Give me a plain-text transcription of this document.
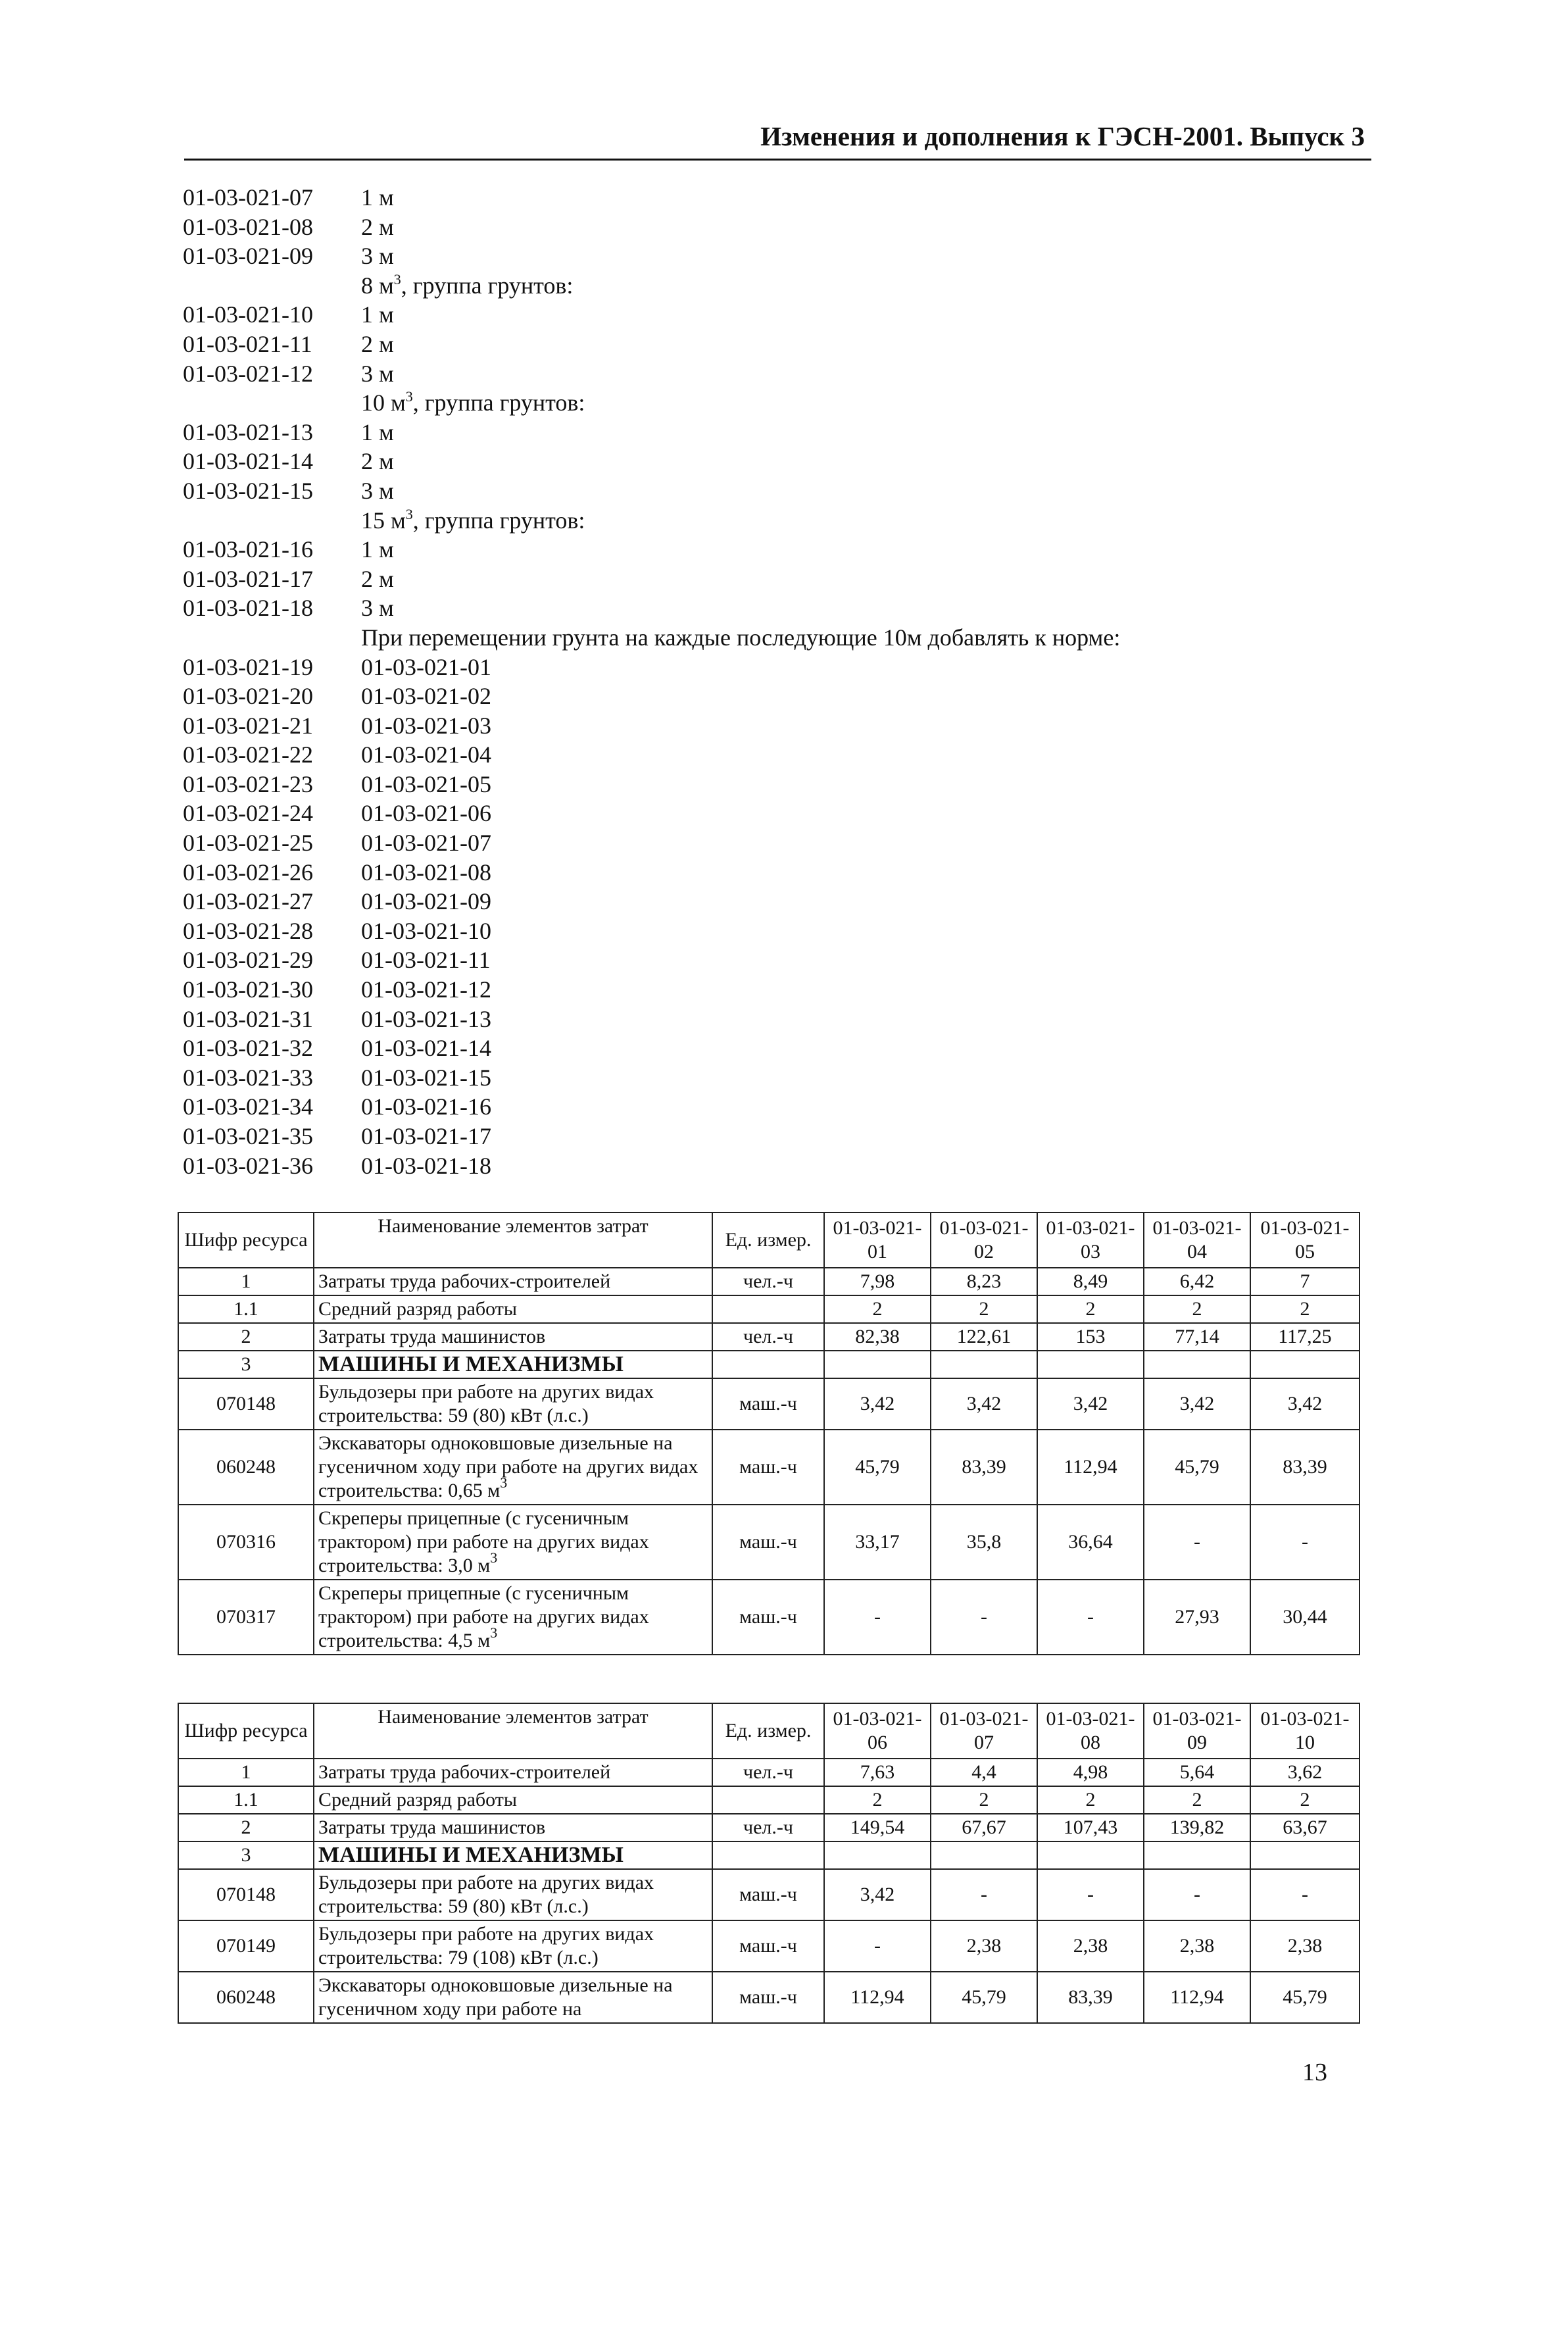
Изменения и дополнения к ГЭСН-2001. Выпуск 3
01-03-021-07 1 м
01-03-021-08 2 м
01-03-021-09 3 м
8 $м^3$, группа грунтов:
01-03-021-10 1 м
01-03-021-11 2 м
01-03-021-12 3 м
10 $м^3$, группа грунтов:
01-03-021-13 1 м
01-03-021-14 2 м
01-03-021-15 3 м
15 $м^3$, группа грунтов:
01-03-021-16 1 м
01-03-021-17 2 м
01-03-021-18 3 м
При перемещении грунта на каждые последующие 10м добавлять к норме:
01-03-021-19 01-03-021-01
01-03-021-20 01-03-021-02
01-03-021-21 01-03-021-03
01-03-021-22 01-03-021-04
01-03-021-23 01-03-021-05
01-03-021-24 01-03-021-06
01-03-021-25 01-03-021-07
01-03-021-26 01-03-021-08
01-03-021-27 01-03-021-09
01-03-021-28 01-03-021-10
01-03-021-29 01-03-021-11
01-03-021-30 01-03-021-12
01-03-021-31 01-03-021-13
01-03-021-32 01-03-021-14
01-03-021-33 01-03-021-15
01-03-021-34 01-03-021-16
01-03-021-35 01-03-021-17
01-03-021-36 01-03-021-18
Шифр ресурса	Наименование элементов затрат	Ед. измер.	01-03-021-01	01-03-021-02	01-03-021-03	01-03-021-04	01-03-021-05
1	Затраты труда рабочих-строителей	чел.-ч	7,98	8,23	8,49	6,42	7
1.1	Средний разряд работы		2	2	2	2	2
2	Затраты труда машинистов	чел.-ч	82,38	122,61	153	77,14	117,25
3	МАШИНЫ И МЕХАНИЗМЫ						
070148	Бульдозеры при работе на других видах строительства: 59 (80) кВт (л.с.)	маш.-ч	3,42	3,42	3,42	3,42	3,42
060248	Экскаваторы одноковшовые дизельные на гусеничном ходу при работе на других видах строительства: 0,65 $м^3$	маш.-ч	45,79	83,39	112,94	45,79	83,39
070316	Скреперы прицепные (с гусеничным трактором) при работе на других видах строительства: 3,0 $м^3$	маш.-ч	33,17	35,8	36,64	-	-
070317	Скреперы прицепные (с гусеничным трактором) при работе на других видах строительства: 4,5 $м^3$	маш.-ч	-	-	-	27,93	30,44
Шифр ресурса	Наименование элементов затрат	Ед. измер.	01-03-021-06	01-03-021-07	01-03-021-08	01-03-021-09	01-03-021-10
1	Затраты труда рабочих-строителей	чел.-ч	7,63	4,4	4,98	5,64	3,62
1.1	Средний разряд работы		2	2	2	2	2
2	Затраты труда машинистов	чел.-ч	149,54	67,67	107,43	139,82	63,67
3	МАШИНЫ И МЕХАНИЗМЫ						
070148	Бульдозеры при работе на других видах строительства: 59 (80) кВт (л.с.)	маш.-ч	3,42	-	-	-	-
070149	Бульдозеры при работе на других видах строительства: 79 (108) кВт (л.с.)	маш.-ч	-	2,38	2,38	2,38	2,38
060248	Экскаваторы одноковшовые дизельные на гусеничном ходу при работе на	маш.-ч	112,94	45,79	83,39	112,94	45,79
13
